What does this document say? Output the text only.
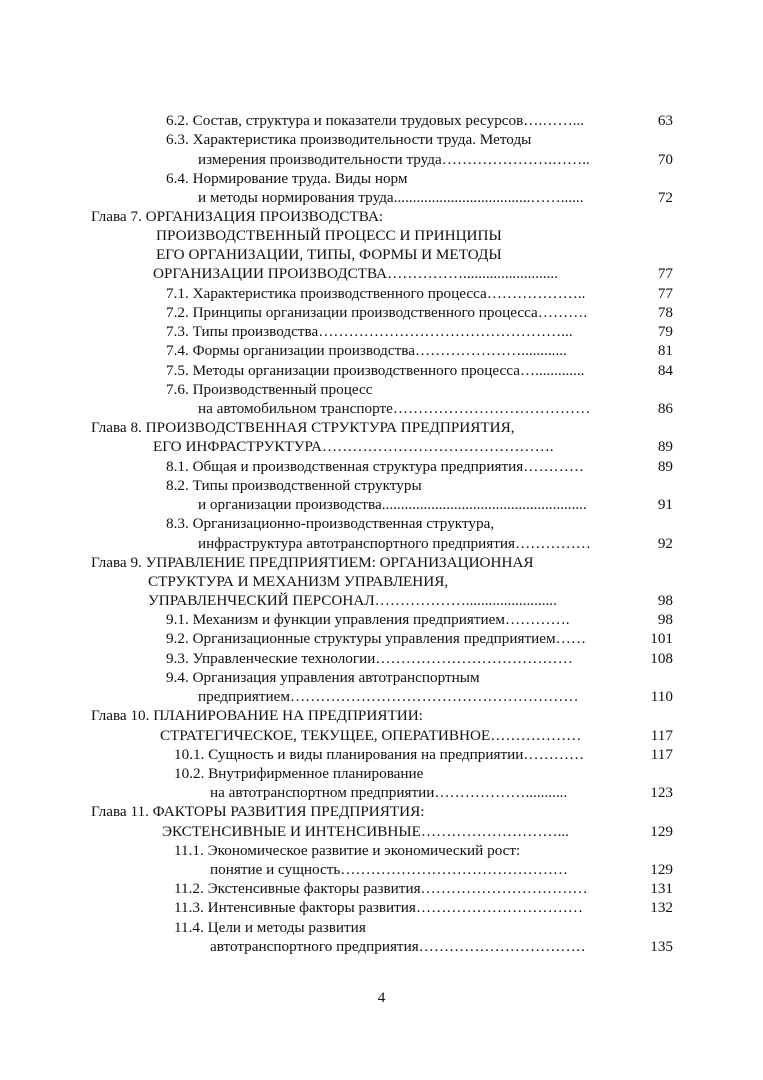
6.2. Состав, структура и показатели трудовых ресурсов….……...	63
6.3. Характеристика производительности труда. Методы
измерения производительности труда………………….……..	70
6.4. Нормирование труда. Виды норм
и методы нормирования труда....................................……......	72
Глава 7. ОРГАНИЗАЦИЯ ПРОИЗВОДСТВА:
ПРОИЗВОДСТВЕННЫЙ ПРОЦЕСС И ПРИНЦИПЫ
ЕГО ОРГАНИЗАЦИИ, ТИПЫ, ФОРМЫ И МЕТОДЫ
ОРГАНИЗАЦИИ ПРОИЗВОДСТВА…………….........................	77
7.1. Характеристика производственного процесса………………..	77
7.2. Принципы организации производственного процесса……….	78
7.3. Типы производства…………………………………………...	79
7.4. Формы организации производства…………………............	81
7.5. Методы организации производственного процесса….............	84
7.6. Производственный процесс
на автомобильном транспорте…………………………………	86
Глава 8. ПРОИЗВОДСТВЕННАЯ СТРУКТУРА ПРЕДПРИЯТИЯ,
ЕГО ИНФРАСТРУКТУРА……………………………………….	89
8.1. Общая и производственная структура предприятия…………	89
8.2. Типы производственной структуры
и организации производства......................................................	91
8.3. Организационно-производственная структура,
инфраструктура автотранспортного предприятия……………	92
Глава 9. УПРАВЛЕНИЕ ПРЕДПРИЯТИЕМ: ОРГАНИЗАЦИОННАЯ
СТРУКТУРА И МЕХАНИЗМ УПРАВЛЕНИЯ,
УПРАВЛЕНЧЕСКИЙ ПЕРСОНАЛ………………........................	98
9.1. Механизм и функции управления предприятием………….	98
9.2. Организационные структуры управления предприятием……	101
9.3. Управленческие технологии…………………………………	108
9.4. Организация управления автотранспортным
предприятием…………………………………………………	110
Глава 10. ПЛАНИРОВАНИЕ НА ПРЕДПРИЯТИИ:
СТРАТЕГИЧЕСКОЕ, ТЕКУЩЕЕ, ОПЕРАТИВНОЕ………………	117
10.1. Сущность и виды планирования на предприятии…………	117
10.2. Внутрифирменное планирование
на автотранспортном предприятии………………...........	123
Глава 11. ФАКТОРЫ РАЗВИТИЯ ПРЕДПРИЯТИЯ:
ЭКСТЕНСИВНЫЕ И ИНТЕНСИВНЫЕ………………………...	129
11.1. Экономическое развитие и экономический рост:
понятие и сущность………………………………………	129
11.2. Экстенсивные факторы развития……………………………	131
11.3. Интенсивные факторы развития……………………………	132
11.4. Цели и методы развития
автотранспортного предприятия……………………………	135
4
